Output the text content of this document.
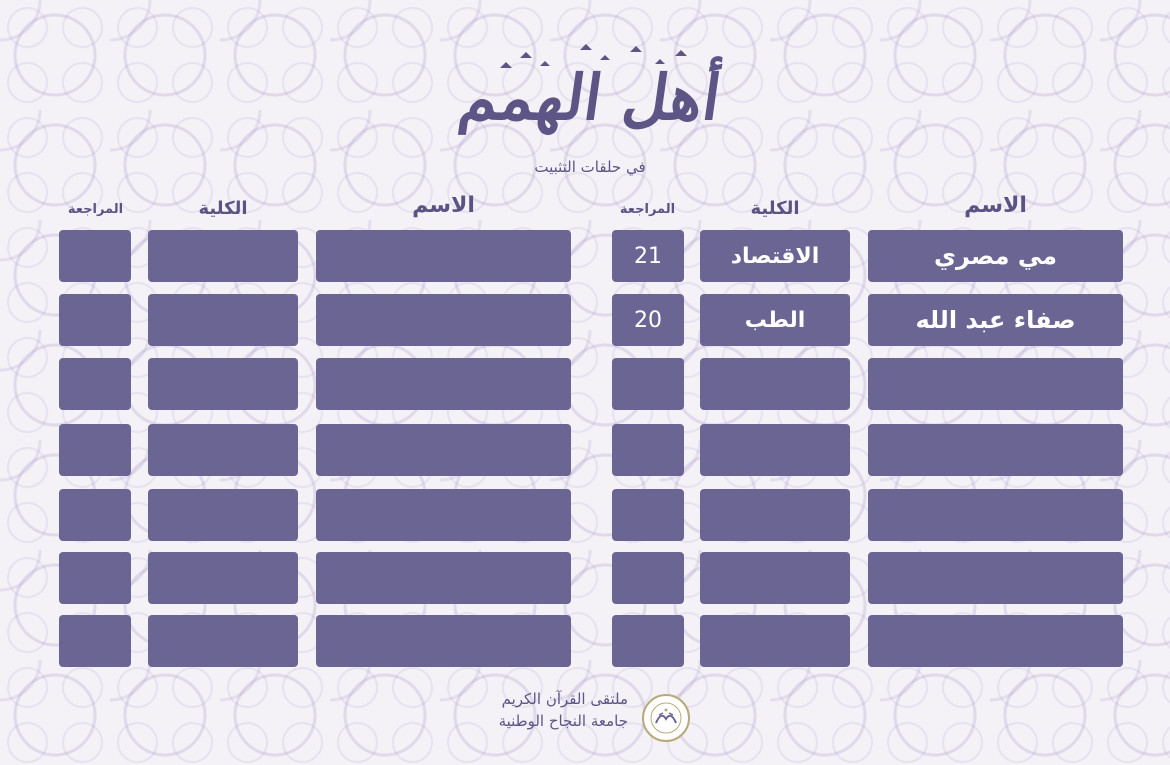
أهل الهمم
في حلقات التثبيت
الاسم
الكلية
المراجعة
الاسم
الكلية
المراجعة
مي مصري
الاقتصاد
21
صفاء عبد الله
الطب
20
ملتقى القرآن الكريم
جامعة النجاح الوطنية
